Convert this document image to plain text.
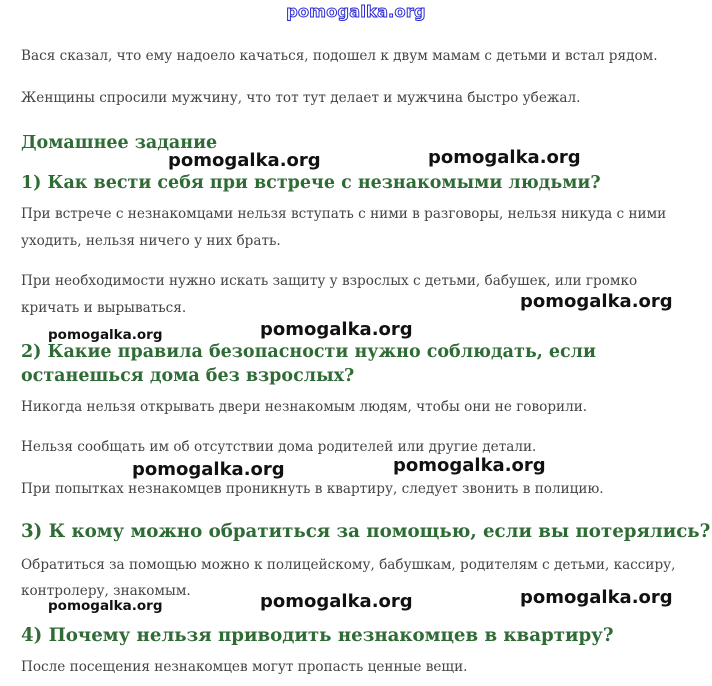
pomogalka.org
Вася сказал, что ему надоело качаться, подошел к двум мамам с детьми и встал рядом.
Женщины спросили мужчину, что тот тут делает и мужчина быстро убежал.
Домашнее задание
1) Как вести себя при встрече с незнакомыми людьми?
При встрече с незнакомцами нельзя вступать с ними в разговоры, нельзя никуда с ними
уходить, нельзя ничего у них брать.
При необходимости нужно искать защиту у взрослых с детьми, бабушек, или громко
кричать и вырываться.
2) Какие правила безопасности нужно соблюдать, если
останешься дома без взрослых?
Никогда нельзя открывать двери незнакомым людям, чтобы они не говорили.
Нельзя сообщать им об отсутствии дома родителей или другие детали.
При попытках незнакомцев проникнуть в квартиру, следует звонить в полицию.
3) К кому можно обратиться за помощью, если вы потерялись?
Обратиться за помощью можно к полицейскому, бабушкам, родителям с детьми, кассиру,
контролеру, знакомым.
4) Почему нельзя приводить незнакомцев в квартиру?
После посещения незнакомцев могут пропасть ценные вещи.
pomogalka.org	pomogalka.org
pomogalka.org
pomogalka.org	pomogalka.org
pomogalka.org	pomogalka.org
pomogalka.org	pomogalka.org	pomogalka.org
